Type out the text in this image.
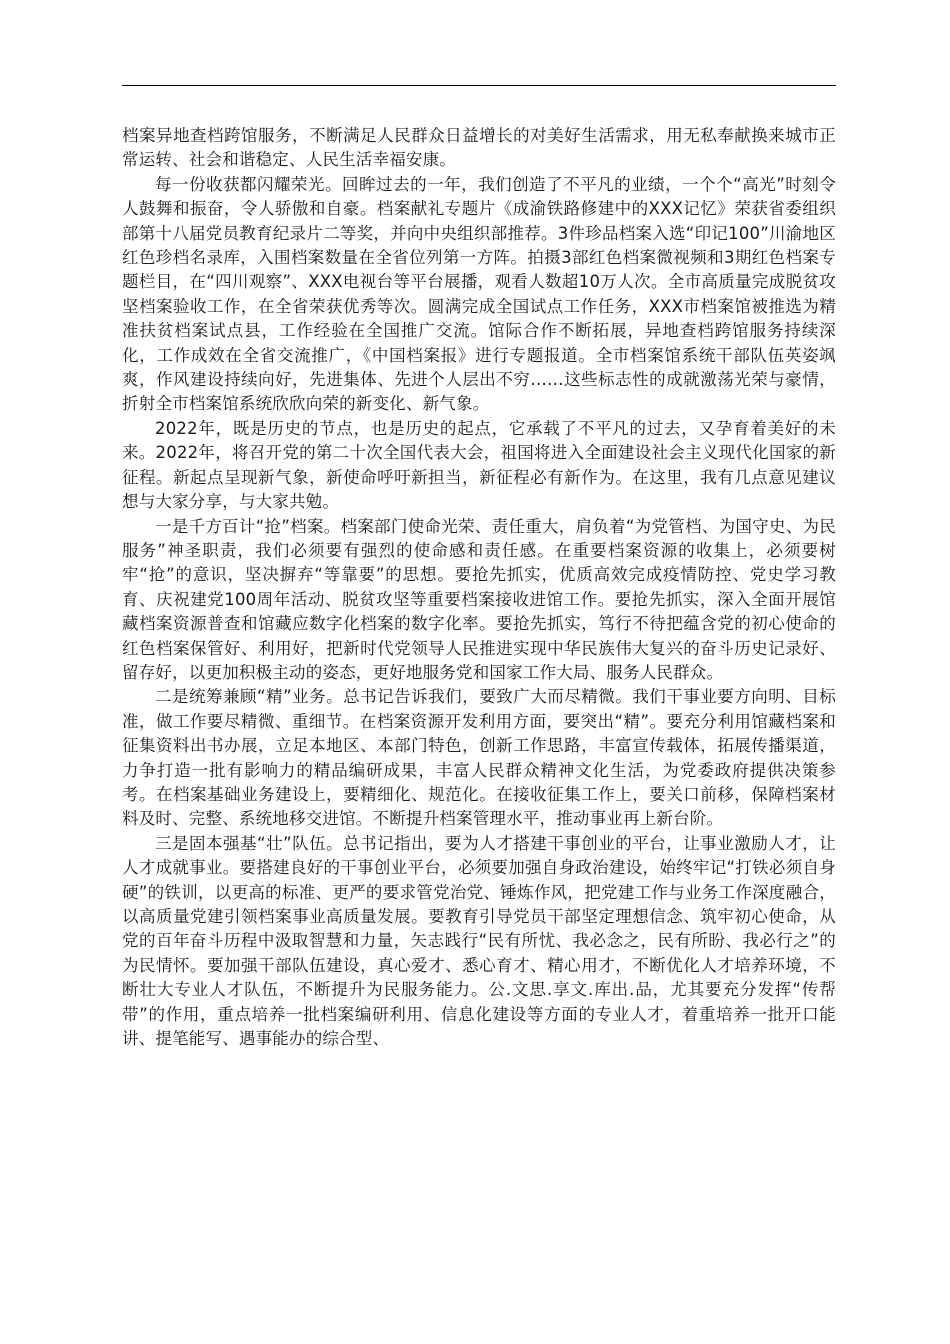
档案异地查档跨馆服务，不断满足人民群众日益增长的对美好生活需求，用无私奉献换来城市正常运转、社会和谐稳定、人民生活幸福安康。

每一份收获都闪耀荣光。回眸过去的一年，我们创造了不平凡的业绩，一个个“高光”时刻令人鼓舞和振奋，令人骄傲和自豪。档案献礼专题片《成渝铁路修建中的XXX记忆》荣获省委组织部第十八届党员教育纪录片二等奖，并向中央组织部推荐。3件珍品档案入选“印记100”川渝地区红色珍档名录库，入围档案数量在全省位列第一方阵。拍摄3部红色档案微视频和3期红色档案专题栏目，在“四川观察”、XXX电视台等平台展播，观看人数超10万人次。全市高质量完成脱贫攻坚档案验收工作，在全省荣获优秀等次。圆满完成全国试点工作任务，XXX市档案馆被推选为精准扶贫档案试点县，工作经验在全国推广交流。馆际合作不断拓展，异地查档跨馆服务持续深化，工作成效在全省交流推广，《中国档案报》进行专题报道。全市档案馆系统干部队伍英姿飒爽，作风建设持续向好，先进集体、先进个人层出不穷……这些标志性的成就激荡光荣与豪情，折射全市档案馆系统欣欣向荣的新变化、新气象。

2022年，既是历史的节点，也是历史的起点，它承载了不平凡的过去，又孕育着美好的未来。2022年，将召开党的第二十次全国代表大会，祖国将进入全面建设社会主义现代化国家的新征程。新起点呈现新气象，新使命呼吁新担当，新征程必有新作为。在这里，我有几点意见建议想与大家分享，与大家共勉。

一是千方百计“抢”档案。档案部门使命光荣、责任重大，肩负着“为党管档、为国守史、为民服务”神圣职责，我们必须要有强烈的使命感和责任感。在重要档案资源的收集上，必须要树牢“抢”的意识，坚决摒弃“等靠要”的思想。要抢先抓实，优质高效完成疫情防控、党史学习教育、庆祝建党100周年活动、脱贫攻坚等重要档案接收进馆工作。要抢先抓实，深入全面开展馆藏档案资源普查和馆藏应数字化档案的数字化率。要抢先抓实，笃行不待把蕴含党的初心使命的红色档案保管好、利用好，把新时代党领导人民推进实现中华民族伟大复兴的奋斗历史记录好、留存好，以更加积极主动的姿态，更好地服务党和国家工作大局、服务人民群众。

二是统筹兼顾“精”业务。总书记告诉我们，要致广大而尽精微。我们干事业要方向明、目标准，做工作要尽精微、重细节。在档案资源开发利用方面，要突出“精”。要充分利用馆藏档案和征集资料出书办展，立足本地区、本部门特色，创新工作思路，丰富宣传载体，拓展传播渠道，力争打造一批有影响力的精品编研成果，丰富人民群众精神文化生活，为党委政府提供决策参考。在档案基础业务建设上，要精细化、规范化。在接收征集工作上，要关口前移，保障档案材料及时、完整、系统地移交进馆。不断提升档案管理水平，推动事业再上新台阶。

三是固本强基“壮”队伍。总书记指出，要为人才搭建干事创业的平台，让事业激励人才，让人才成就事业。要搭建良好的干事创业平台，必须要加强自身政治建设，始终牢记“打铁必须自身硬”的铁训，以更高的标准、更严的要求管党治党、锤炼作风，把党建工作与业务工作深度融合，以高质量党建引领档案事业高质量发展。要教育引导党员干部坚定理想信念、筑牢初心使命，从党的百年奋斗历程中汲取智慧和力量，矢志践行“民有所忧、我必念之，民有所盼、我必行之”的为民情怀。要加强干部队伍建设，真心爱才、悉心育才、精心用才，不断优化人才培养环境，不断壮大专业人才队伍，不断提升为民服务能力。公.文思.享文.库出.品，尤其要充分发挥“传帮带”的作用，重点培养一批档案编研利用、信息化建设等方面的专业人才，着重培养一批开口能讲、提笔能写、遇事能办的综合型、
